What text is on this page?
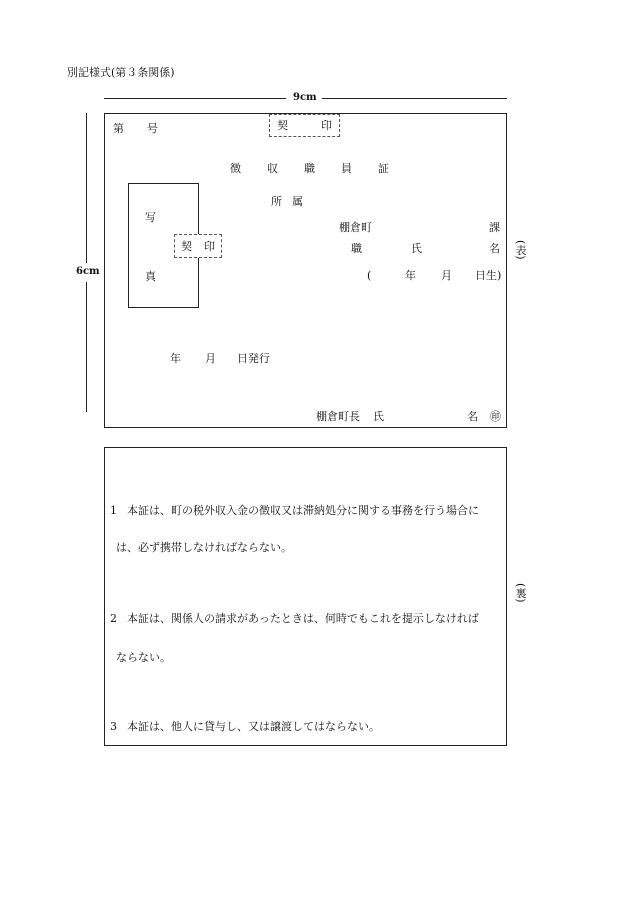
別記様式(第３条関係)
9cm
6cm
第 号	契	印
徴収職員証
所属
写
真
契 印
棚倉町	課
職	氏	名
(	年 月 日生)
年 月 日発行
棚倉町長 氏	名 ㊞
(表)
1 本証は、町の税外収入金の徴収又は滞納処分に関する事務を行う場合に
は、必ず携帯しなければならない。
2 本証は、関係人の請求があったときは、何時でもこれを提示しなければ
ならない。
3 本証は、他人に貸与し、又は譲渡してはならない。
(裏)
